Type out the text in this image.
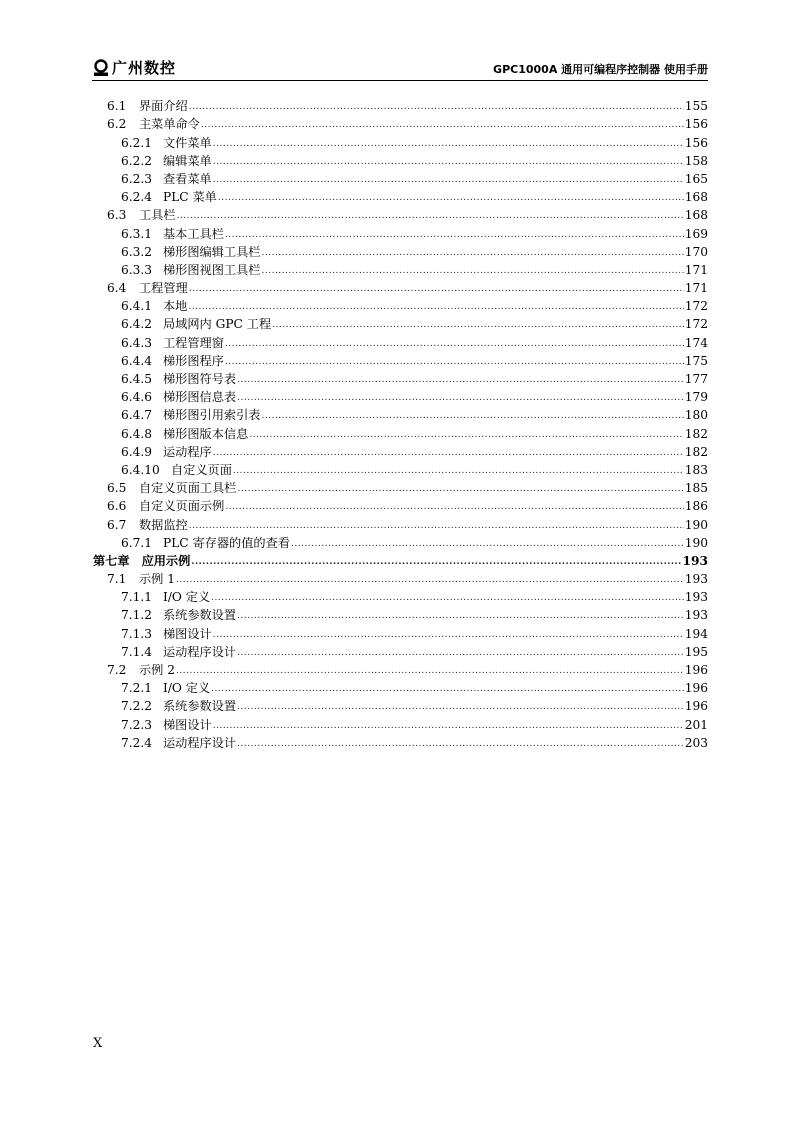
广州数控	GPC1000A 通用可编程序控制器 使用手册
6.1	界面介绍 .....	155
6.2	主菜单命令 .....	156
6.2.1 文件菜单 .....	156
6.2.2 编辑菜单 .....	158
6.2.3 查看菜单 .....	165
6.2.4 PLC 菜单 .....	168
6.3	工具栏 .....	168
6.3.1 基本工具栏 .....	169
6.3.2 梯形图编辑工具栏 .....	170
6.3.3 梯形图视图工具栏 .....	171
6.4	工程管理 .....	171
6.4.1 本地 .....	172
6.4.2 局域网内 GPC 工程 .....	172
6.4.3 工程管理窗 .....	174
6.4.4 梯形图程序 .....	175
6.4.5 梯形图符号表 .....	177
6.4.6 梯形图信息表 .....	179
6.4.7 梯形图引用索引表 .....	180
6.4.8 梯形图版本信息 .....	182
6.4.9 运动程序 .....	182
6.4.10 自定义页面 .....	183
6.5	自定义页面工具栏 .....	185
6.6	自定义页面示例 .....	186
6.7	数据监控 .....	190
6.7.1 PLC 寄存器的值的查看 .....	190
第七章 应用示例 .....	193
7.1	示例 1 .....	193
7.1.1 I/O 定义 .....	193
7.1.2 系统参数设置 .....	193
7.1.3 梯图设计 .....	194
7.1.4 运动程序设计 .....	195
7.2	示例 2 .....	196
7.2.1 I/O 定义 .....	196
7.2.2 系统参数设置 .....	196
7.2.3 梯图设计 .....	201
7.2.4 运动程序设计 .....	203
X
